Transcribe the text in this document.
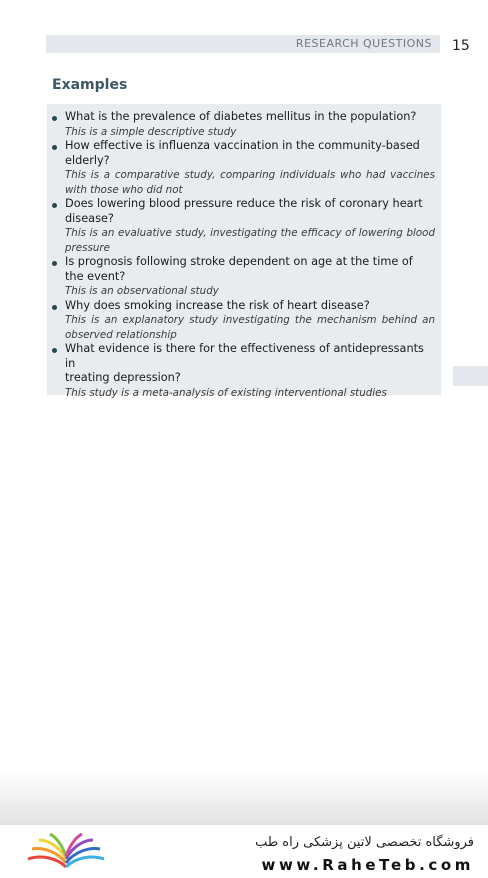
RESEARCH QUESTIONS 15
Examples
What is the prevalence of diabetes mellitus in the population?
This is a simple descriptive study
How effective is influenza vaccination in the community-based
elderly?
This is a comparative study, comparing individuals who had vaccines with those who did not
Does lowering blood pressure reduce the risk of coronary heart
disease?
This is an evaluative study, investigating the efficacy of lowering blood pressure
Is prognosis following stroke dependent on age at the time of
the event?
This is an observational study
Why does smoking increase the risk of heart disease?
This is an explanatory study investigating the mechanism behind an observed relationship
What evidence is there for the effectiveness of antidepressants in
treating depression?
This study is a meta-analysis of existing interventional studies
فروشگاه تخصصی لاتین پزشکی راه طب
www.RaheTeb.com
